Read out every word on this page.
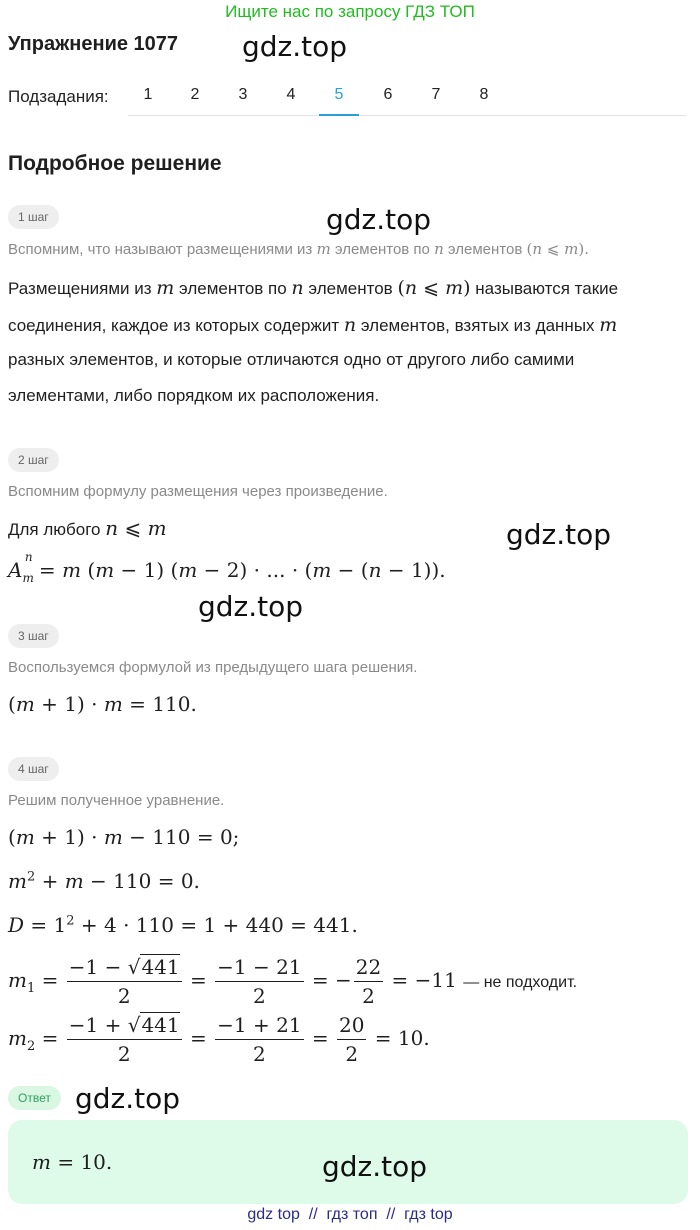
Ищите нас по запросу ГДЗ ТОП
Упражнение 1077 gdz.top
Подзадания:	1	2	3	4	5	6	7	8
Подробное решение
1 шаг	gdz.top
Вспомним, что называют размещениями из m элементов по n элементов (n ⩽ m).
Размещениями из m элементов по n элементов (n ⩽ m) называются такие
соединения, каждое из которых содержит n элементов, взятых из данных m
разных элементов, и которые отличаются одно от другого либо самими
элементами, либо порядком их расположения.
2 шаг
Вспомним формулу размещения через произведение.
Для любого n ⩽ m	gdz.top
$A_m^n = m$ (m − 1) (m − 2) · ... · (m − (n − 1)).
gdz.top
3 шаг
Воспользуемся формулой из предыдущего шага решения.
(m + 1) · m = 110.
4 шаг
Решим полученное уравнение.
(m + 1) · m − 110 = 0;
$m^2 + m - 110 = 0$.
$D = 1^2 + 4 \cdot 110 = 1 + 440 = 441$.
$m_1 = \frac{-1 - √441}{2} = \frac{-1 - 21}{2}$ = − $\frac{22}{2} = -11$ — не подходит.
$m_2 = \frac{-1 + √441}{2} = \frac{-1 + 21}{2} = \frac{20}{2} = 10$.
Ответ gdz.top
m = 10.	gdz.top
gdz top  //  гдз топ  //  гдз top
